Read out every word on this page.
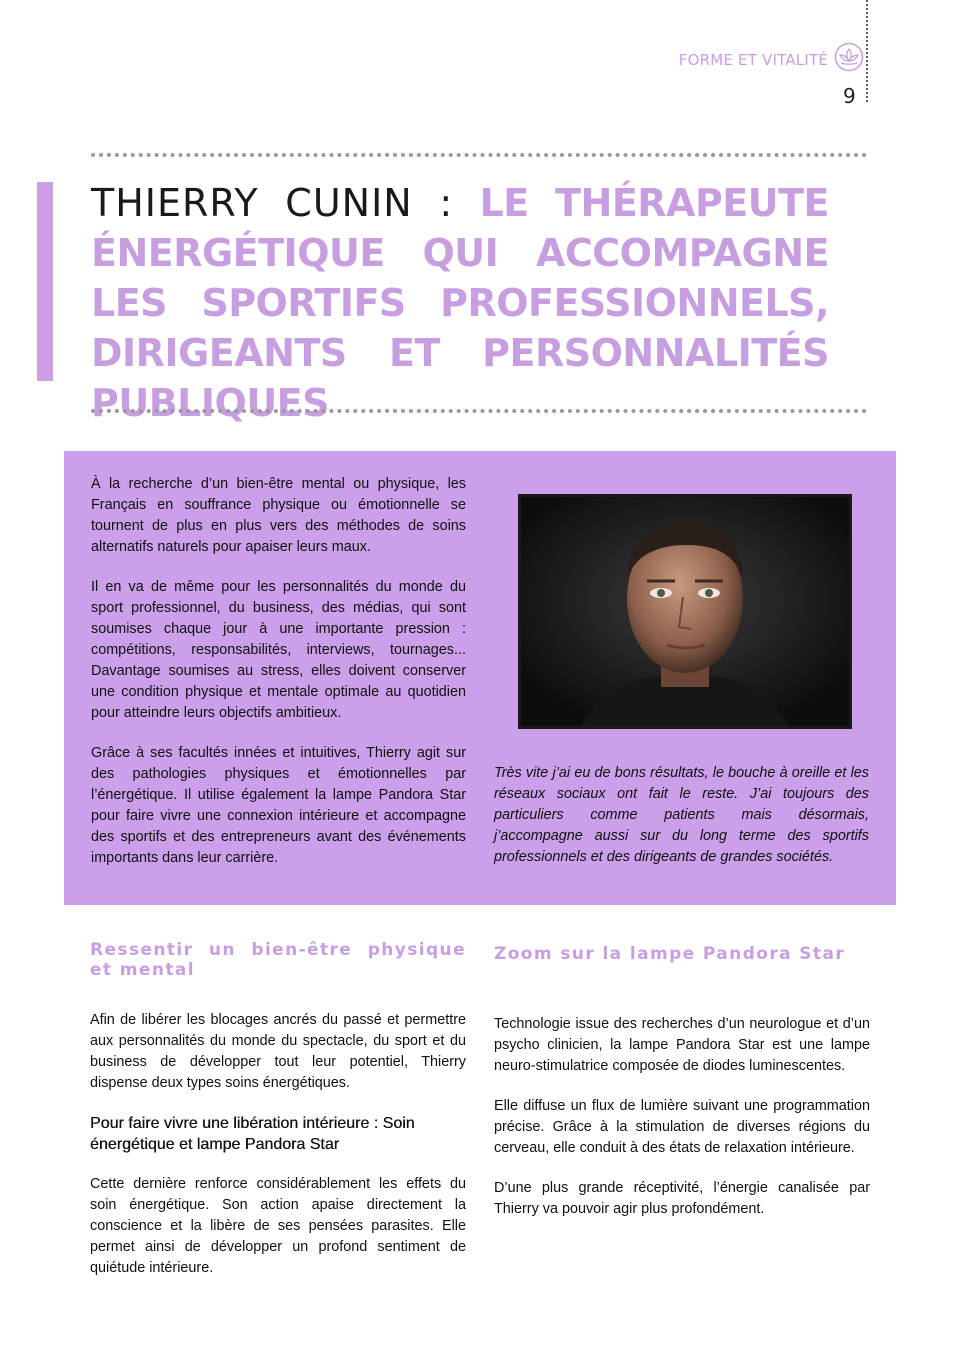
FORME ET VITALITÉ
9
THIERRY CUNIN : LE THÉRAPEUTE ÉNERGÉTIQUE QUI ACCOMPAGNE LES SPORTIFS PROFESSIONNELS, DIRIGEANTS ET PERSONNALITÉS PUBLIQUES

À la recherche d’un bien-être mental ou physique, les Français en souffrance physique ou émotionnelle se tournent de plus en plus vers des méthodes de soins alternatifs naturels pour apaiser leurs maux.

Il en va de même pour les personnalités du monde du sport professionnel, du business, des médias, qui sont soumises chaque jour à une importante pression : compétitions, responsabilités, interviews, tournages... Davantage soumises au stress, elles doivent conserver une condition physique et mentale optimale au quotidien pour atteindre leurs objectifs ambitieux.

Grâce à ses facultés innées et intuitives, Thierry agit sur des pathologies physiques et émotionnelles par l’énergétique. Il utilise également la lampe Pandora Star pour faire vivre une connexion intérieure et accompagne des sportifs et des entrepreneurs avant des événements importants dans leur carrière.

Très vite j’ai eu de bons résultats, le bouche à oreille et les réseaux sociaux ont fait le reste. J’ai toujours des particuliers comme patients mais désormais, j’accompagne aussi sur du long terme des sportifs professionnels et des dirigeants de grandes sociétés.
Ressentir un bien-être physique et mental

Afin de libérer les blocages ancrés du passé et permettre aux personnalités du monde du spectacle, du sport et du business de développer tout leur potentiel, Thierry dispense deux types soins énergétiques.

Pour faire vivre une libération intérieure : Soin énergétique et lampe Pandora Star

Cette dernière renforce considérablement les effets du soin énergétique. Son action apaise directement la conscience et la libère de ses pensées parasites. Elle permet ainsi de développer un profond sentiment de quiétude intérieure.

Zoom sur la lampe Pandora Star

Technologie issue des recherches d’un neurologue et d’un psycho clinicien, la lampe Pandora Star est une lampe neuro-stimulatrice composée de diodes luminescentes.

Elle diffuse un flux de lumière suivant une programmation précise. Grâce à la stimulation de diverses régions du cerveau, elle conduit à des états de relaxation intérieure.

D’une plus grande réceptivité, l’énergie canalisée par Thierry va pouvoir agir plus profondément.
